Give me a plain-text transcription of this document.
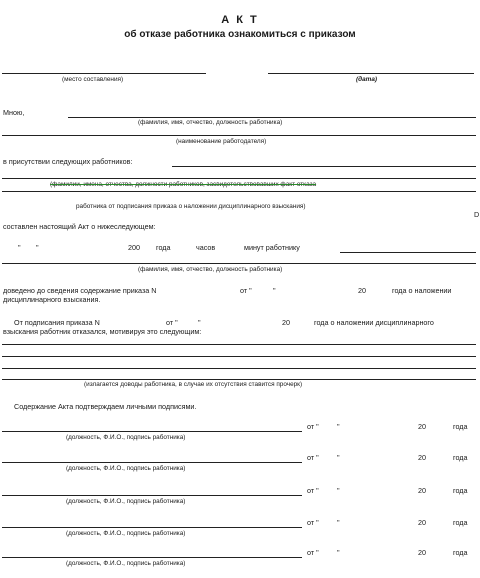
А К Т
об отказе работника ознакомиться с приказом
(место составления)	(дата)
Мною,
(фамилия, имя, отчество, должность работника)
(наименование работодателя)
в присутствии следующих работников:
(фамилии, имена, отчества, должности работников, засвидетельствовавших факт отказа
работника от подписания приказа о наложении дисциплинарного взыскания)
D
составлен настоящий Акт о нижеследующем:
" "	200 года	часов	минут работнику
(фамилия, имя, отчество, должность работника)
доведено до сведения содержание приказа N	от "	"	20	года о наложении
дисциплинарного взыскания.
От подписания приказа N	от "	"	20	года о наложении дисциплинарного
взыскания работник отказался, мотивируя это следующим:
(излагается доводы работника, в случае их отсутствия ставится прочерк)
Содержание Акта подтверждаем личными подписями.
от "	"	20	года
(должность, Ф.И.О., подпись работника)
от "	"	20	года
(должность, Ф.И.О., подпись работника)
от "	"	20	года
(должность, Ф.И.О., подпись работника)
от "	"	20	года
(должность, Ф.И.О., подпись работника)
от "	"	20	года
(должность, Ф.И.О., подпись работника)
